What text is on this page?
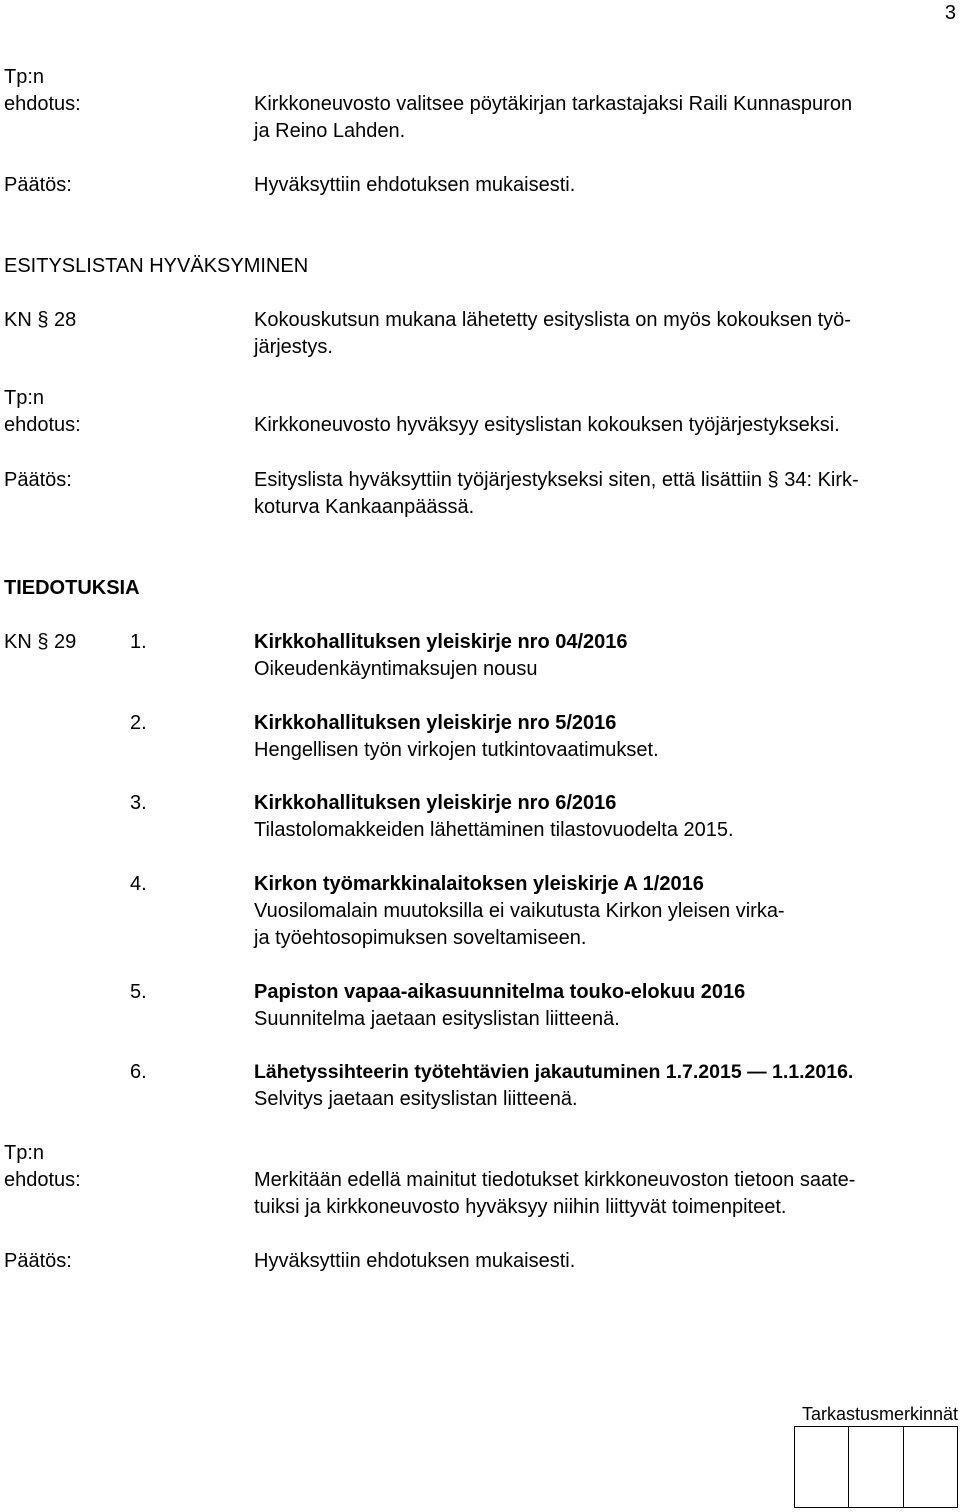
3
Tp:n
ehdotus:	Kirkkoneuvosto valitsee pöytäkirjan tarkastajaksi Raili Kunnaspuron
ja Reino Lahden.
Päätös:	Hyväksyttiin ehdotuksen mukaisesti.
ESITYSLISTAN HYVÄKSYMINEN
KN § 28	Kokouskutsun mukana lähetetty esityslista on myös kokouksen työ-
järjestys.
Tp:n
ehdotus:	Kirkkoneuvosto hyväksyy esityslistan kokouksen työjärjestykseksi.
Päätös:	Esityslista hyväksyttiin työjärjestykseksi siten, että lisättiin § 34: Kirk-
koturva Kankaanpäässä.
TIEDOTUKSIA
KN § 29	1.	Kirkkohallituksen yleiskirje nro 04/2016
Oikeudenkäyntimaksujen nousu
2.	Kirkkohallituksen yleiskirje nro 5/2016
Hengellisen työn virkojen tutkintovaatimukset.
3.	Kirkkohallituksen yleiskirje nro 6/2016
Tilastolomakkeiden lähettäminen tilastovuodelta 2015.
4.	Kirkon työmarkkinalaitoksen yleiskirje A 1/2016
Vuosilomalain muutoksilla ei vaikutusta Kirkon yleisen virka-
ja työehtosopimuksen soveltamiseen.
5.	Papiston vapaa-aikasuunnitelma touko-elokuu 2016
Suunnitelma jaetaan esityslistan liitteenä.
6.	Lähetyssihteerin työtehtävien jakautuminen 1.7.2015 — 1.1.2016.
Selvitys jaetaan esityslistan liitteenä.
Tp:n
ehdotus:	Merkitään edellä mainitut tiedotukset kirkkoneuvoston tietoon saate-
tuiksi ja kirkkoneuvosto hyväksyy niihin liittyvät toimenpiteet.
Päätös:	Hyväksyttiin ehdotuksen mukaisesti.
Tarkastusmerkinnät
